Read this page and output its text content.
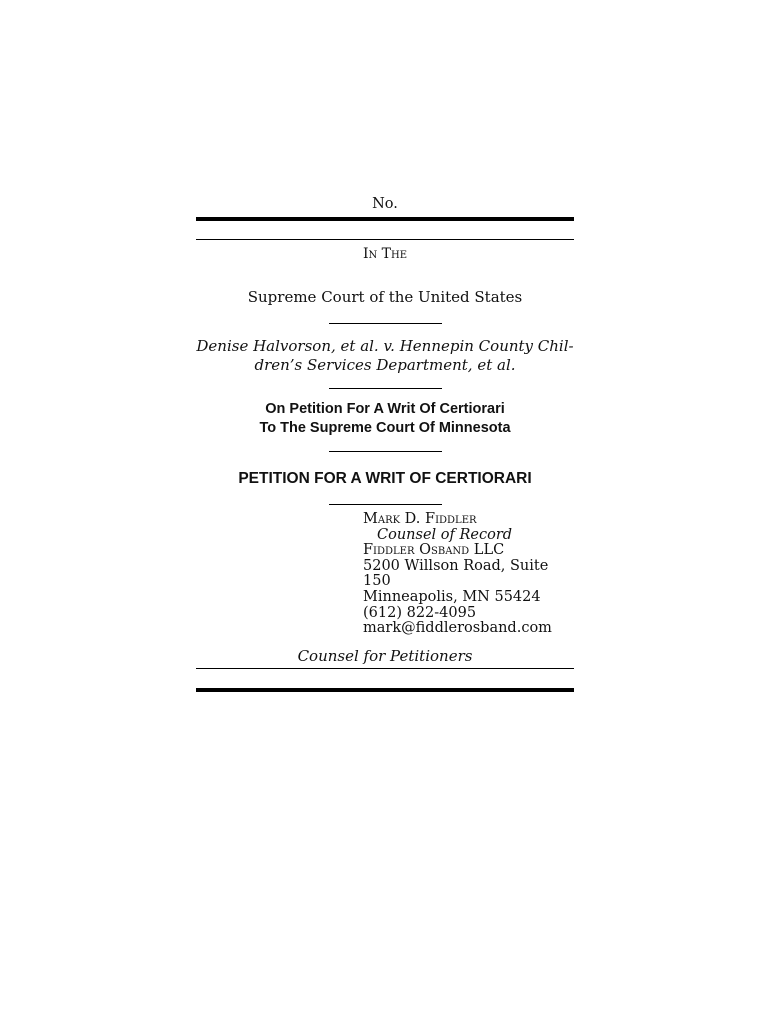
No.
In The
Supreme Court of the United States
Denise Halvorson, et al. v. Hennepin County Chil-
dren’s Services Department, et al.
On Petition For A Writ Of Certiorari
To The Supreme Court Of Minnesota
PETITION FOR A WRIT OF CERTIORARI
Mark D. Fiddler
Counsel of Record
Fiddler Osband LLC
5200 Willson Road, Suite
150
Minneapolis, MN 55424
(612) 822-4095
mark@fiddlerosband.com
Counsel for Petitioners
